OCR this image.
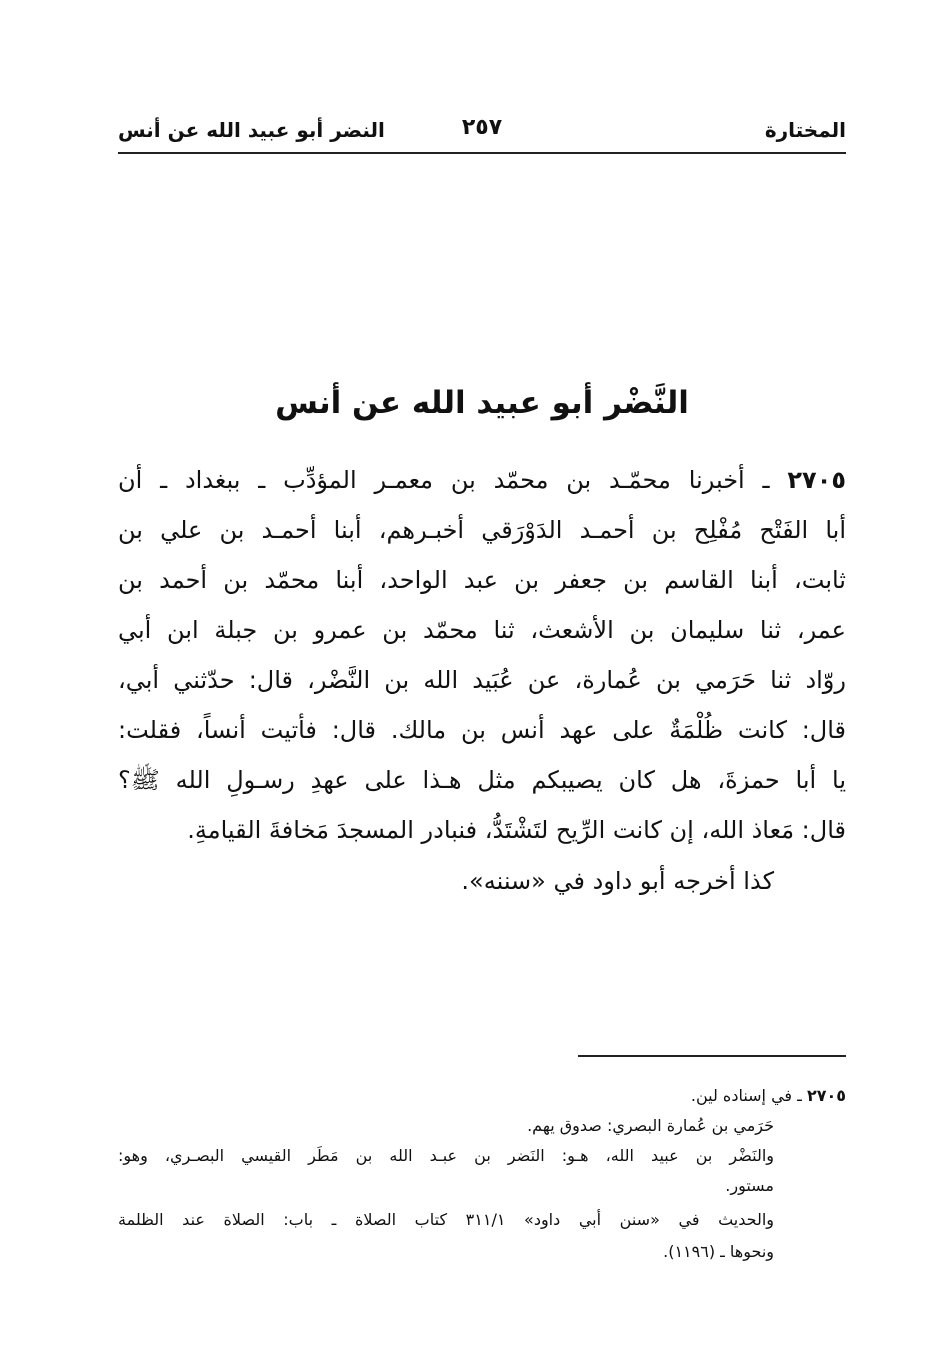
المختارة
٢٥٧
النضر أبو عبيد الله عن أنس
النَّضْر أبو عبيد الله عن أنس
٢٧٠٥ ـ أخبرنا محمّـد بن محمّد بن معمـر المؤدِّب ـ ببغداد ـ أن
أبا الفَتْح مُفْلِح بن أحمـد الدَوْرَقي أخبـرهم، أبنا أحمـد بن علي بن
ثابت، أبنا القاسم بن جعفر بن عبد الواحد، أبنا محمّد بن أحمد بن
عمر، ثنا سليمان بن الأشعث، ثنا محمّد بن عمرو بن جبلة ابن أبي
روّاد ثنا حَرَمي بن عُمارة، عن عُبَيد الله بن النَّضْر، قال: حدّثني أبي،
قال: كانت ظُلْمَةٌ على عهد أنس بن مالك. قال: فأتيت أنساً، فقلت:
يا أبا حمزةَ، هل كان يصيبكم مثل هـذا على عهدِ رسـولِ الله ﷺ؟
قال: مَعاذ الله، إن كانت الرِّيح لتَشْتَدُّ، فنبادر المسجدَ مَخافةَ القيامةِ.
كذا أخرجه أبو داود في «سننه».
٢٧٠٥ ـ في إسناده لين.
حَرَمي بن عُمارة البصري: صدوق يهم.
والنَضْر بن عبيد الله، هـو: النَضر بن عبـد الله بن مَطَر القيسي البصـري، وهو:
مستور.
والحديث في «سنن أبي داود» ٣١١/١ كتاب الصلاة ـ باب: الصلاة عند الظلمة
ونحوها ـ (١١٩٦).
